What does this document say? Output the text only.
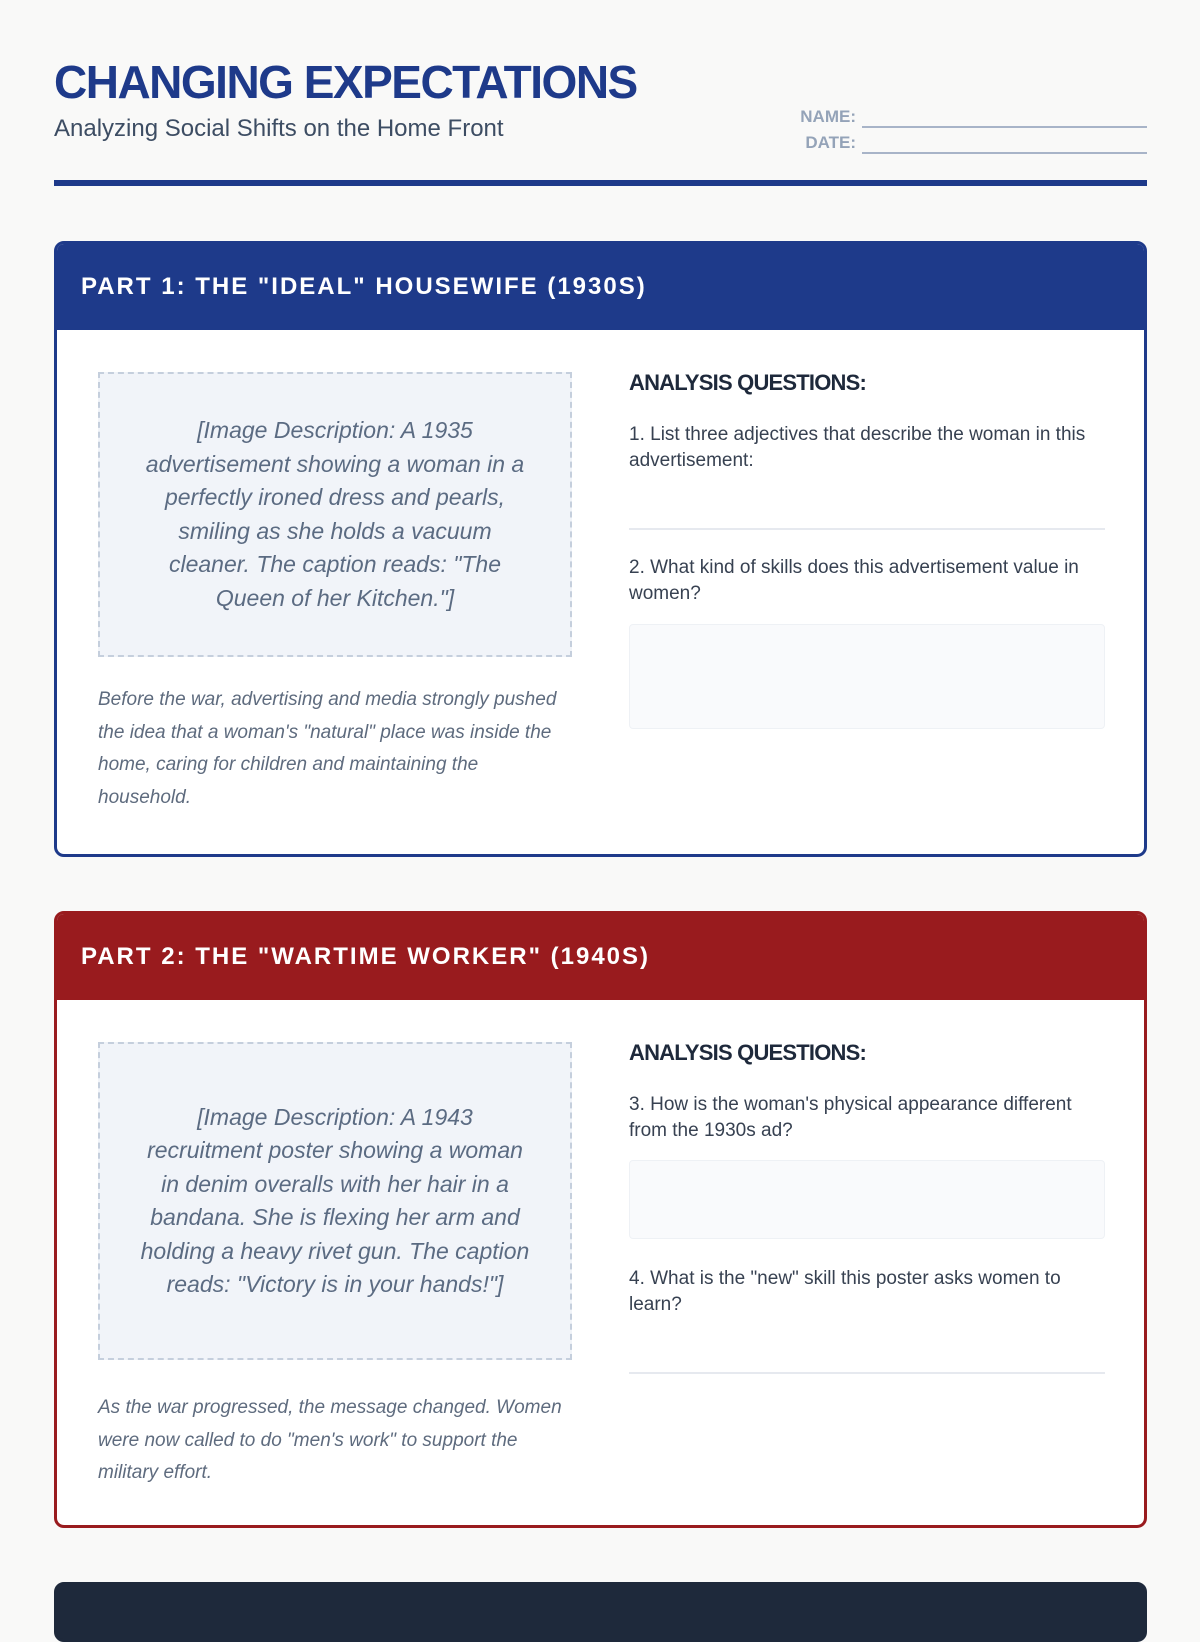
CHANGING EXPECTATIONS

Analyzing Social Shifts on the Home Front	NAME:
DATE:
PART 1: THE "IDEAL" HOUSEWIFE (1930S)
[Image Description: A 1935 advertisement showing a woman in a perfectly ironed dress and pearls, smiling as she holds a vacuum cleaner. The caption reads: "The Queen of her Kitchen."]

Before the war, advertising and media strongly pushed the idea that a woman's "natural" place was inside the home, caring for children and maintaining the household.

ANALYSIS QUESTIONS:

1. List three adjectives that describe the woman in this advertisement:

2. What kind of skills does this advertisement value in women?

PART 2: THE "WARTIME WORKER" (1940S)
[Image Description: A 1943 recruitment poster showing a woman in denim overalls with her hair in a bandana. She is flexing her arm and holding a heavy rivet gun. The caption reads: "Victory is in your hands!"]

As the war progressed, the message changed. Women were now called to do "men's work" to support the military effort.

ANALYSIS QUESTIONS:

3. How is the woman's physical appearance different from the 1930s ad?

4. What is the "new" skill this poster asks women to learn?
